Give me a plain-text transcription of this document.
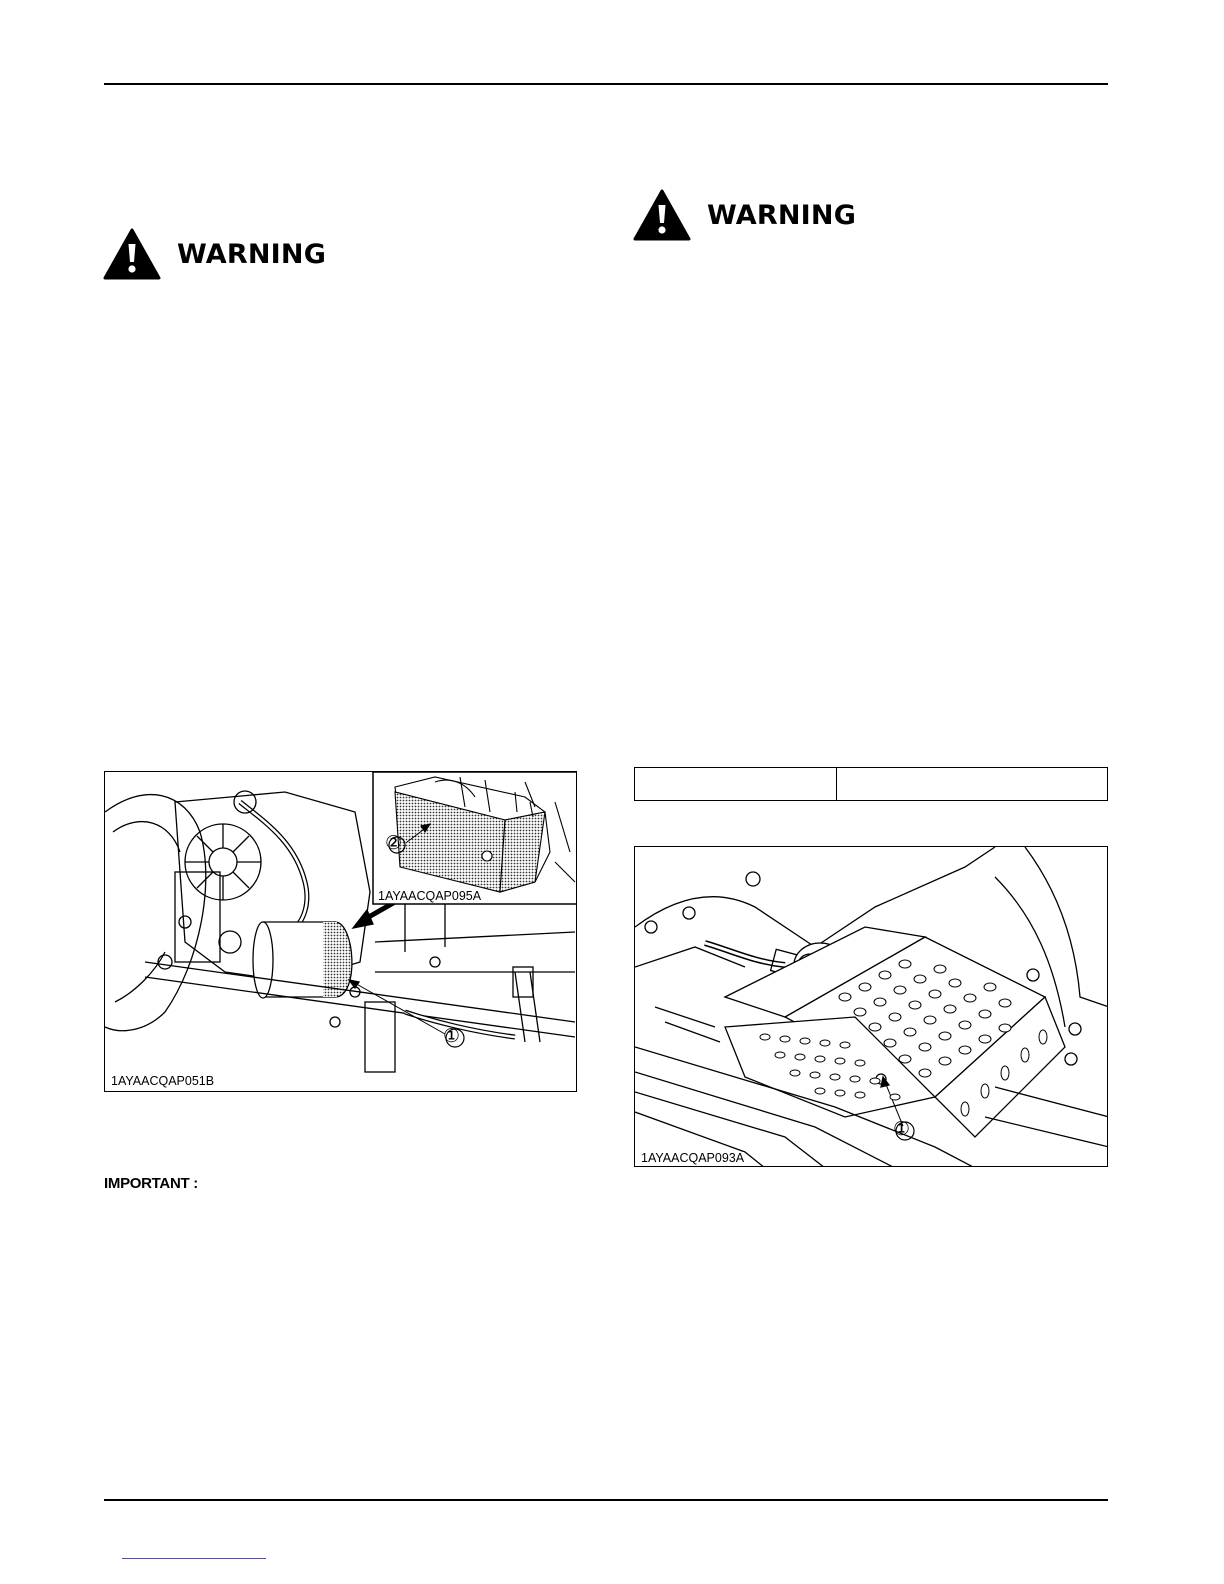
WARNING
WARNING

①
②
1AYAACQAP095A
1AYAACQAP051B
①
1AYAACQAP093A
IMPORTANT :
